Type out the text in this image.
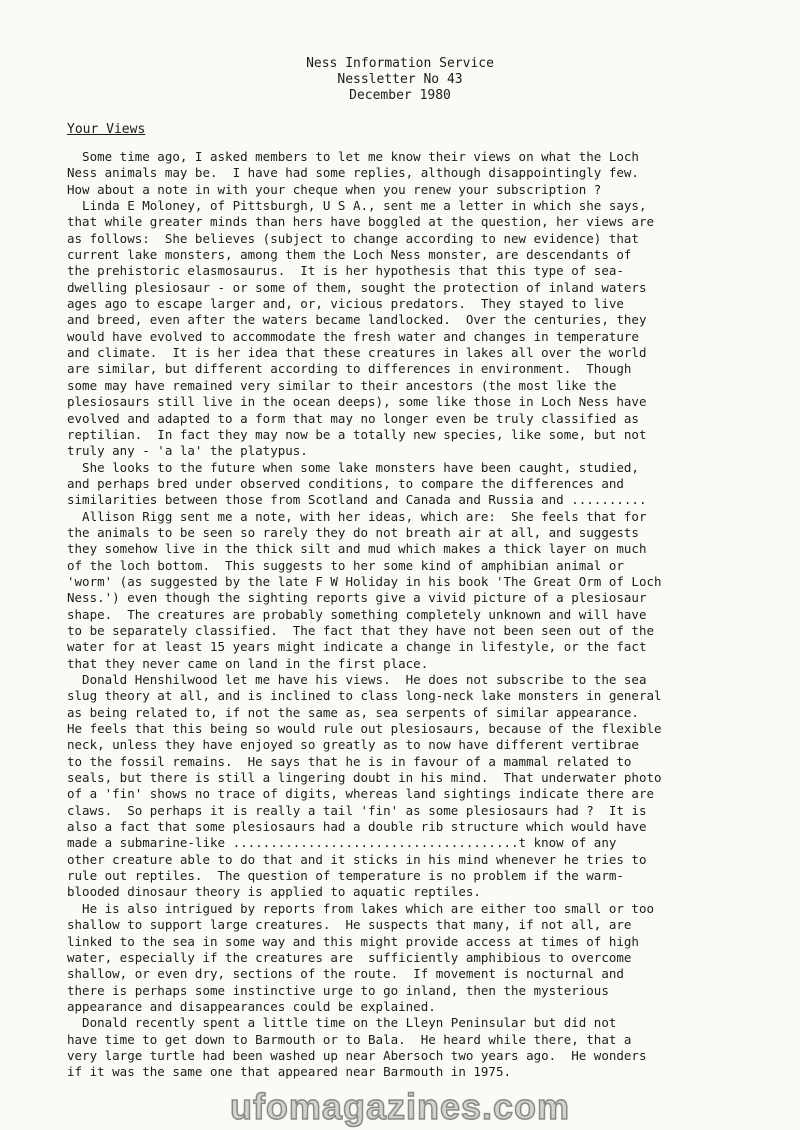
Ness Information Service
Nessletter No 43
December 1980
Your Views
Some time ago, I asked members to let me know their views on what the Loch
Ness animals may be.  I have had some replies, although disappointingly few.
How about a note in with your cheque when you renew your subscription ?
Linda E Moloney, of Pittsburgh, U S A., sent me a letter in which she says,
that while greater minds than hers have boggled at the question, her views are
as follows:  She believes (subject to change according to new evidence) that
current lake monsters, among them the Loch Ness monster, are descendants of
the prehistoric elasmosaurus.  It is her hypothesis that this type of sea-
dwelling plesiosaur - or some of them, sought the protection of inland waters
ages ago to escape larger and, or, vicious predators.  They stayed to live
and breed, even after the waters became landlocked.  Over the centuries, they
would have evolved to accommodate the fresh water and changes in temperature
and climate.  It is her idea that these creatures in lakes all over the world
are similar, but different according to differences in environment.  Though
some may have remained very similar to their ancestors (the most like the
plesiosaurs still live in the ocean deeps), some like those in Loch Ness have
evolved and adapted to a form that may no longer even be truly classified as
reptilian.  In fact they may now be a totally new species, like some, but not
truly any - 'a la' the platypus.
She looks to the future when some lake monsters have been caught, studied,
and perhaps bred under observed conditions, to compare the differences and
similarities between those from Scotland and Canada and Russia and ..........
Allison Rigg sent me a note, with her ideas, which are:  She feels that for
the animals to be seen so rarely they do not breath air at all, and suggests
they somehow live in the thick silt and mud which makes a thick layer on much
of the loch bottom.  This suggests to her some kind of amphibian animal or
'worm' (as suggested by the late F W Holiday in his book 'The Great Orm of Loch
Ness.') even though the sighting reports give a vivid picture of a plesiosaur
shape.  The creatures are probably something completely unknown and will have
to be separately classified.  The fact that they have not been seen out of the
water for at least 15 years might indicate a change in lifestyle, or the fact
that they never came on land in the first place.
Donald Henshilwood let me have his views.  He does not subscribe to the sea
slug theory at all, and is inclined to class long-neck lake monsters in general
as being related to, if not the same as, sea serpents of similar appearance.
He feels that this being so would rule out plesiosaurs, because of the flexible
neck, unless they have enjoyed so greatly as to now have different vertibrae
to the fossil remains.  He says that he is in favour of a mammal related to
seals, but there is still a lingering doubt in his mind.  That underwater photo
of a 'fin' shows no trace of digits, whereas land sightings indicate there are
claws.  So perhaps it is really a tail 'fin' as some plesiosaurs had ?  It is
also a fact that some plesiosaurs had a double rib structure which would have
made a submarine-like ......................................t know of any
other creature able to do that and it sticks in his mind whenever he tries to
rule out reptiles.  The question of temperature is no problem if the warm-
blooded dinosaur theory is applied to aquatic reptiles.
He is also intrigued by reports from lakes which are either too small or too
shallow to support large creatures.  He suspects that many, if not all, are
linked to the sea in some way and this might provide access at times of high
water, especially if the creatures are  sufficiently amphibious to overcome
shallow, or even dry, sections of the route.  If movement is nocturnal and
there is perhaps some instinctive urge to go inland, then the mysterious
appearance and disappearances could be explained.
Donald recently spent a little time on the Lleyn Peninsular but did not
have time to get down to Barmouth or to Bala.  He heard while there, that a
very large turtle had been washed up near Abersoch two years ago.  He wonders
if it was the same one that appeared near Barmouth in 1975.
ufomagazines.com
